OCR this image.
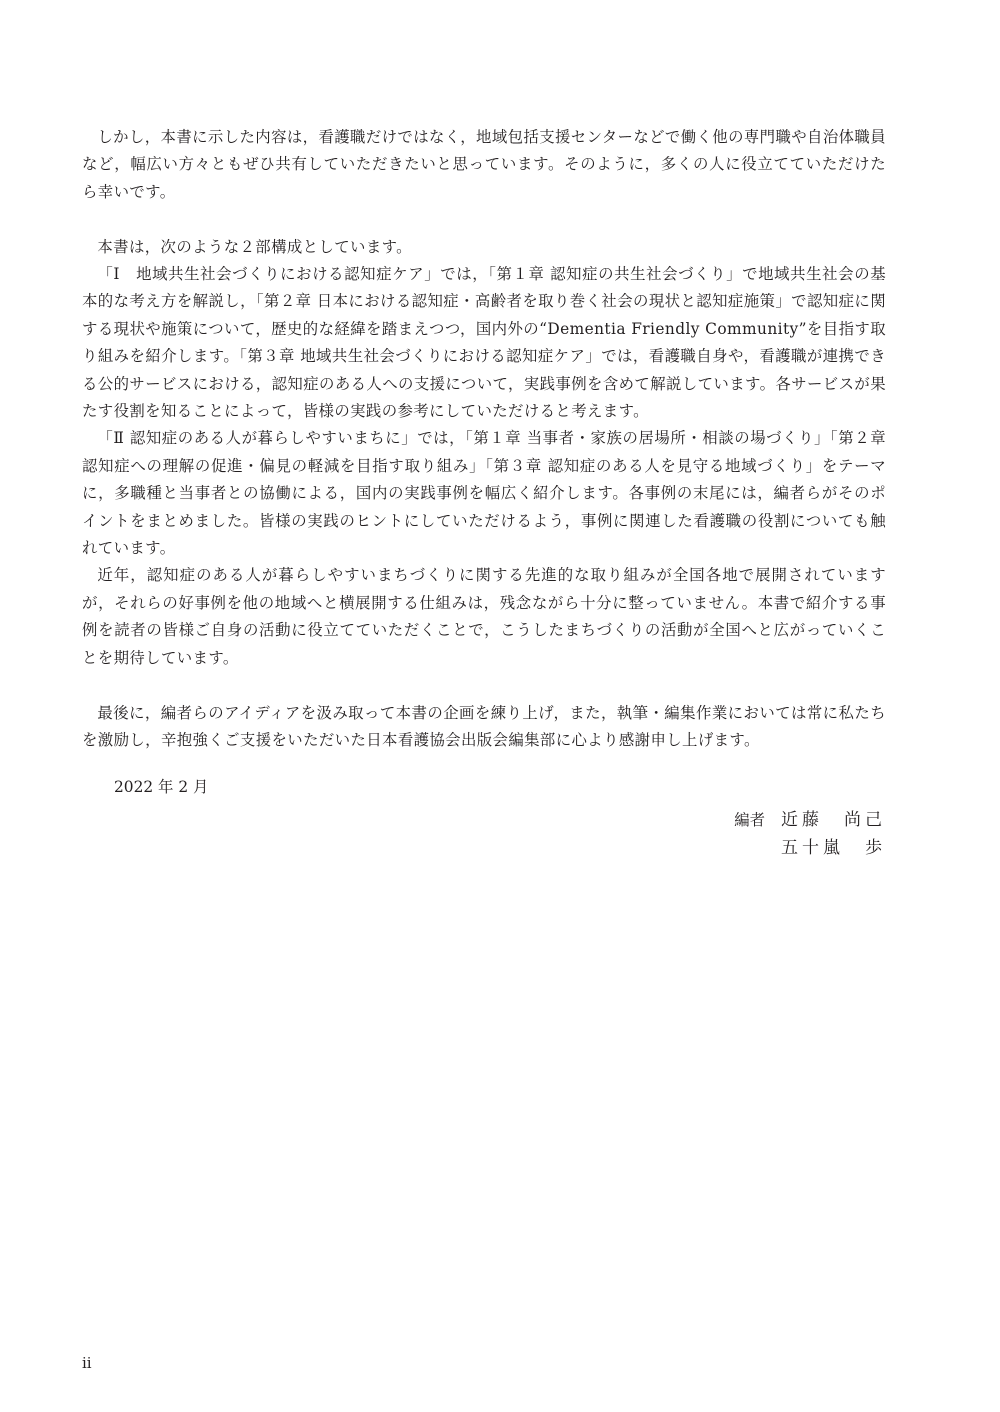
しかし，本書に示した内容は，看護職だけではなく，地域包括支援センターなどで働く他の専門職や自治体職員など，幅広い方々ともぜひ共有していただきたいと思っています。そのように，多くの人に役立てていただけたら幸いです。

本書は，次のような２部構成としています。

「Ⅰ　地域共生社会づくりにおける認知症ケア」では，「第１章 認知症の共生社会づくり」で地域共生社会の基本的な考え方を解説し，「第２章 日本における認知症・高齢者を取り巻く社会の現状と認知症施策」で認知症に関する現状や施策について，歴史的な経緯を踏まえつつ，国内外の“Dementia Friendly Community”を目指す取り組みを紹介します。「第３章 地域共生社会づくりにおける認知症ケア」では，看護職自身や，看護職が連携できる公的サービスにおける，認知症のある人への支援について，実践事例を含めて解説しています。各サービスが果たす役割を知ることによって，皆様の実践の参考にしていただけると考えます。

「Ⅱ 認知症のある人が暮らしやすいまちに」では，「第１章 当事者・家族の居場所・相談の場づくり」「第２章 認知症への理解の促進・偏見の軽減を目指す取り組み」「第３章 認知症のある人を見守る地域づくり」をテーマに，多職種と当事者との協働による，国内の実践事例を幅広く紹介します。各事例の末尾には，編者らがそのポイントをまとめました。皆様の実践のヒントにしていただけるよう，事例に関連した看護職の役割についても触れています。

近年，認知症のある人が暮らしやすいまちづくりに関する先進的な取り組みが全国各地で展開されていますが，それらの好事例を他の地域へと横展開する仕組みは，残念ながら十分に整っていません。本書で紹介する事例を読者の皆様ご自身の活動に役立てていただくことで，こうしたまちづくりの活動が全国へと広がっていくことを期待しています。

最後に，編者らのアイディアを汲み取って本書の企画を練り上げ，また，執筆・編集作業においては常に私たちを激励し，辛抱強くご支援をいただいた日本看護協会出版会編集部に心より感謝申し上げます。

2022 年 2 月
編者 近藤　尚己
五十嵐　歩
ii
